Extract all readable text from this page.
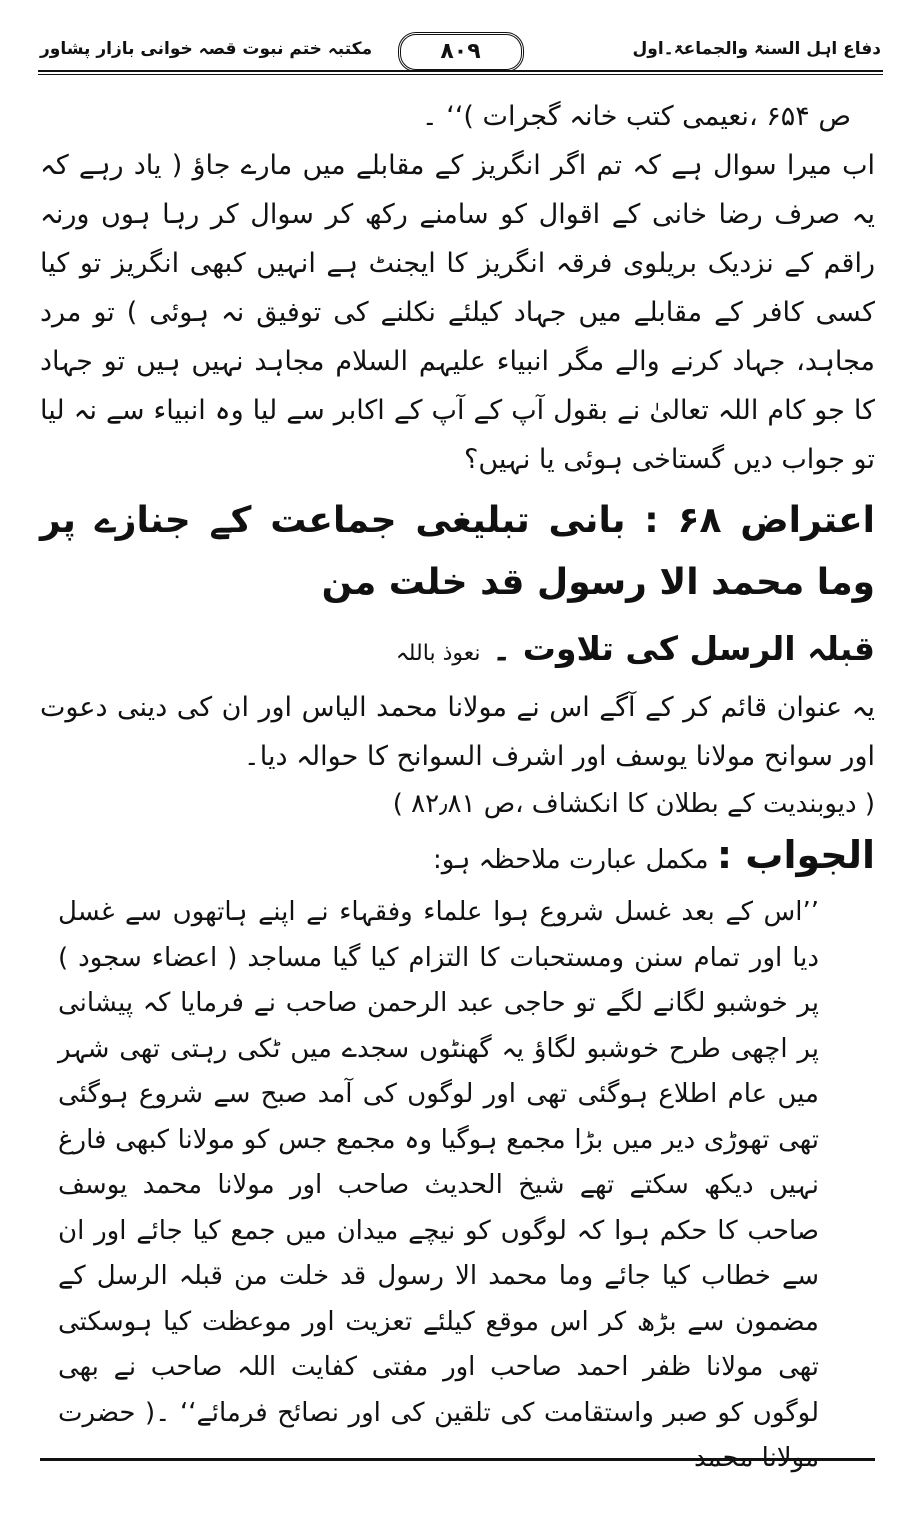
دفاع اہل السنۃ والجماعۃ۔اول
۸۰۹
مکتبہ ختم نبوت قصہ خوانی بازار پشاور

ص ۶۵۴ ،نعیمی کتب خانہ گجرات )‘‘ ۔

اب میرا سوال ہے کہ تم اگر انگریز کے مقابلے میں مارے جاؤ ( یاد رہے کہ یہ صرف رضا خانی کے اقوال کو سامنے رکھ کر سوال کر رہا ہوں ورنہ راقم کے نزدیک بریلوی فرقہ انگریز کا ایجنٹ ہے انہیں کبھی انگریز تو کیا کسی کافر کے مقابلے میں جہاد کیلئے نکلنے کی توفیق نہ ہوئی ) تو مرد مجاہد، جہاد کرنے والے مگر انبیاء علیہم السلام مجاہد نہیں ہیں تو جہاد کا جو کام اللہ تعالیٰ نے بقول آپ کے آپ کے اکابر سے لیا وہ انبیاء سے نہ لیا تو جواب دیں گستاخی ہوئی یا نہیں؟

اعتراض ۶۸ : بانی تبلیغی جماعت کے جنازے پر وما محمد الا رسول قد خلت من

قبلہ الرسل کی تلاوت ۔ نعوذ باللہ

یہ عنوان قائم کر کے آگے اس نے مولانا محمد الیاس اور ان کی دینی دعوت اور سوانح مولانا یوسف اور اشرف السوانح کا حوالہ دیا۔

( دیوبندیت کے بطلان کا انکشاف ،ص ۸۲٫۸۱ )

الجواب : مکمل عبارت ملاحظہ ہو:

’’اس کے بعد غسل شروع ہوا علماء وفقہاء نے اپنے ہاتھوں سے غسل دیا اور تمام سنن ومستحبات کا التزام کیا گیا مساجد ( اعضاء سجود ) پر خوشبو لگانے لگے تو حاجی عبد الرحمن صاحب نے فرمایا کہ پیشانی پر اچھی طرح خوشبو لگاؤ یہ گھنٹوں سجدے میں ٹکی رہتی تھی شہر میں عام اطلاع ہوگئی تھی اور لوگوں کی آمد صبح سے شروع ہوگئی تھی تھوڑی دیر میں بڑا مجمع ہوگیا وہ مجمع جس کو مولانا کبھی فارغ نہیں دیکھ سکتے تھے شیخ الحدیث صاحب اور مولانا محمد یوسف صاحب کا حکم ہوا کہ لوگوں کو نیچے میدان میں جمع کیا جائے اور ان سے خطاب کیا جائے وما محمد الا رسول قد خلت من قبلہ الرسل کے مضمون سے بڑھ کر اس موقع کیلئے تعزیت اور موعظت کیا ہوسکتی تھی مولانا ظفر احمد صاحب اور مفتی کفایت اللہ صاحب نے بھی لوگوں کو صبر واستقامت کی تلقین کی اور نصائح فرمائے‘‘ ۔( حضرت مولانا محمد
